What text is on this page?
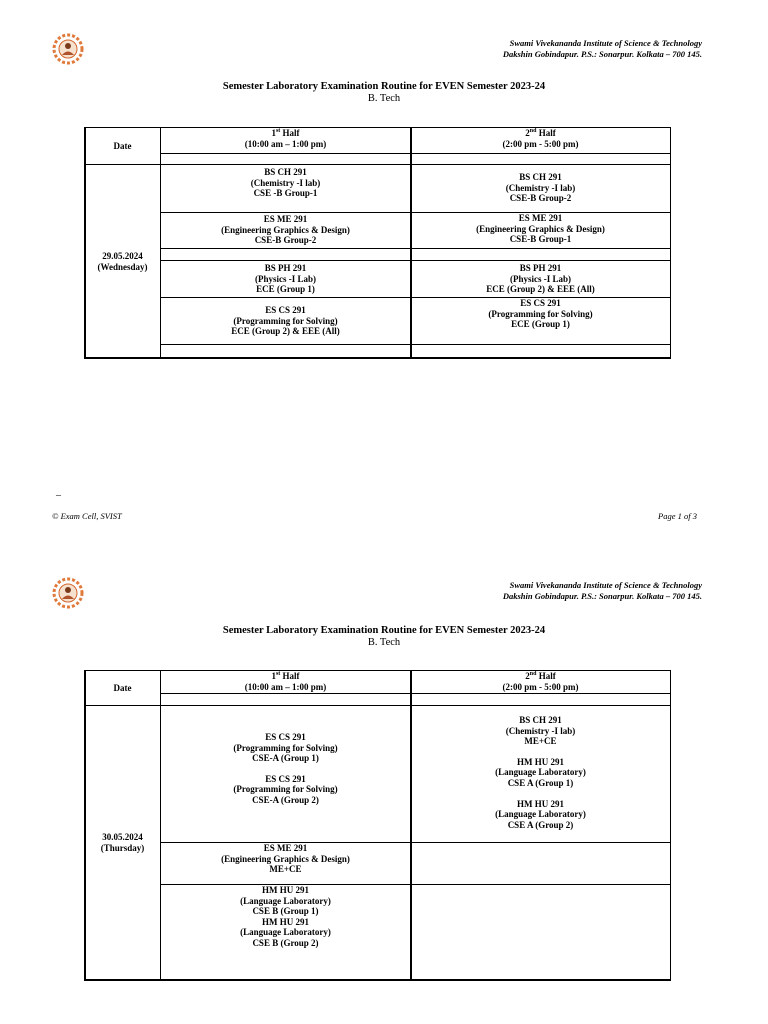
Swami Vivekananda Institute of Science & Technology
Dakshin Gobindapur. P.S.: Sonarpur. Kolkata – 700 145.
Semester Laboratory Examination Routine for EVEN Semester 2023-24
B. Tech
Date
1st Half
(10:00 am – 1:00 pm)
2nd Half
(2:00 pm - 5:00 pm)
29.05.2024
(Wednesday)
BS CH 291
(Chemistry -I lab)
CSE -B Group-1
ES ME 291
(Engineering Graphics & Design)
CSE-B Group-2
BS PH 291
(Physics -I Lab)
ECE (Group 1)
ES CS 291
(Programming for Solving)
ECE (Group 2) & EEE (All)
BS CH 291
(Chemistry -I lab)
CSE-B Group-2
ES ME 291
(Engineering Graphics & Design)
CSE-B Group-1
BS PH 291
(Physics -I Lab)
ECE (Group 2) & EEE (All)
ES CS 291
(Programming for Solving)
ECE (Group 1)
–
© Exam Cell, SVIST	Page 1 of 3
Swami Vivekananda Institute of Science & Technology
Dakshin Gobindapur. P.S.: Sonarpur. Kolkata – 700 145.
Semester Laboratory Examination Routine for EVEN Semester 2023-24
B. Tech
Date
1st Half
(10:00 am – 1:00 pm)
2nd Half
(2:00 pm - 5:00 pm)
30.05.2024
(Thursday)
ES CS 291
(Programming for Solving)
CSE-A (Group 1)
ES CS 291
(Programming for Solving)
CSE-A (Group 2)
ES ME 291
(Engineering Graphics & Design)
ME+CE
HM HU 291
(Language Laboratory)
CSE B (Group 1)
HM HU 291
(Language Laboratory)
CSE B (Group 2)
BS CH 291
(Chemistry -I lab)
ME+CE
HM HU 291
(Language Laboratory)
CSE A (Group 1)
HM HU 291
(Language Laboratory)
CSE A (Group 2)
